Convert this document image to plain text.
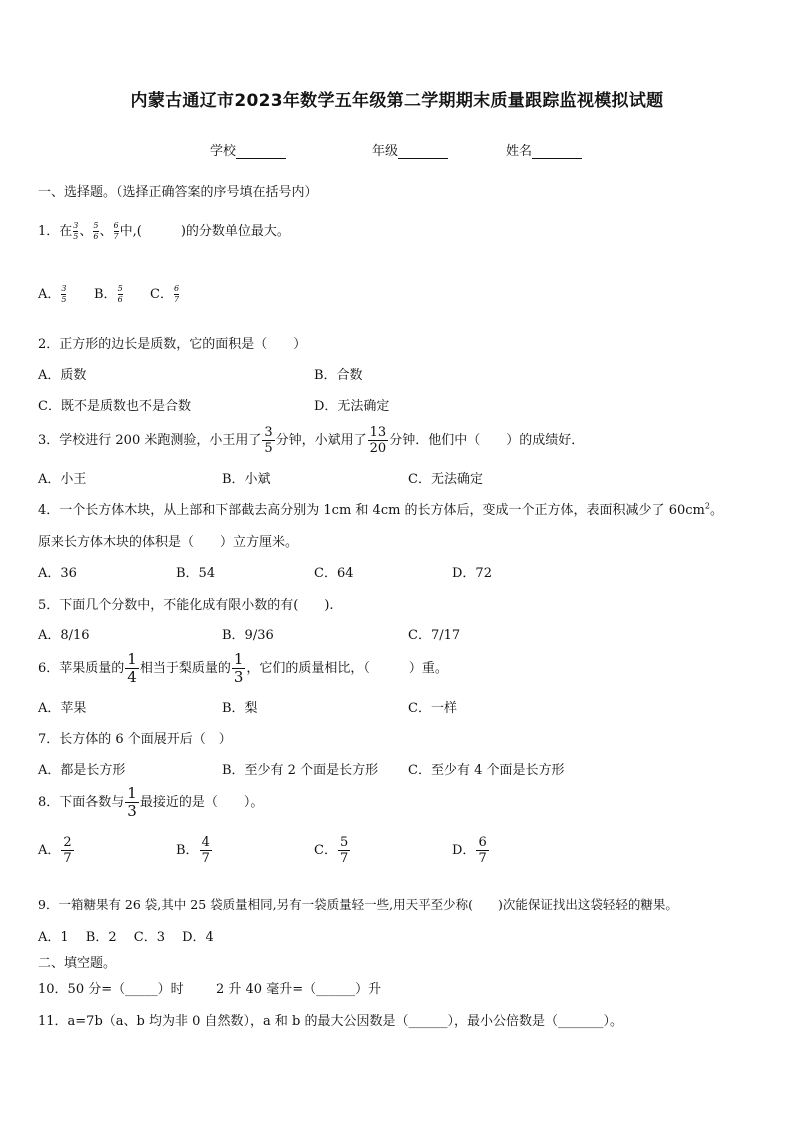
内蒙古通辽市2023年数学五年级第二学期期末质量跟踪监视模拟试题
学校	年级	姓名
一、选择题。（选择正确答案的序号填在括号内）
1．在 $\frac{3}{5}$ 、 $\frac{5}{6}$ 、 $\frac{6}{7}$ 中,(　　　)的分数单位最大。
A． $\frac{3}{5}$ B． $\frac{5}{6}$ C． $\frac{6}{7}$
2．正方形的边长是质数，它的面积是（　　）
A．质数	B．合数
C．既不是质数也不是合数	D．无法确定
3．学校进行 200 米跑测验，小王用了 $\frac{3}{5}$ 分钟，小斌用了 $\frac{13}{20}$ 分钟．他们中（　　）的成绩好．
A．小王	B．小斌	C．无法确定
4．一个长方体木块，从上部和下部截去高分别为 1cm 和 4cm 的长方体后，变成一个正方体，表面积减少了 $60cm^2$。
原来长方体木块的体积是（　　）立方厘米。
A．36	B．54	C．64	D．72
5．下面几个分数中，不能化成有限小数的有(　　).
A．8/16	B．9/36	C．7/17
6．苹果质量的 $\frac{1}{4}$ 相当于梨质量的 $\frac{1}{3}$ ，它们的质量相比，（　　　）重。
A．苹果	B．梨	C．一样
7．长方体的 6 个面展开后（　）
A．都是长方形	B．至少有 2 个面是长方形 C．至少有 4 个面是长方形
8．下面各数与 $\frac{1}{3}$ 最接近的是（　　）。
A． $\frac{2}{7}$	B． $\frac{4}{7}$	C． $\frac{5}{7}$	D． $\frac{6}{7}$
9．一箱糖果有 26 袋,其中 25 袋质量相同,另有一袋质量轻一些,用天平至少称(　　)次能保证找出这袋轻轻的糖果。
A．1　 B．2　 C．3　 D．4
二、填空题。
10．50 分=（_____）时 2 升 40 毫升=（______）升
11．a=7b（a、b 均为非 0 自然数），a 和 b 的最大公因数是（______），最小公倍数是（_______）。
